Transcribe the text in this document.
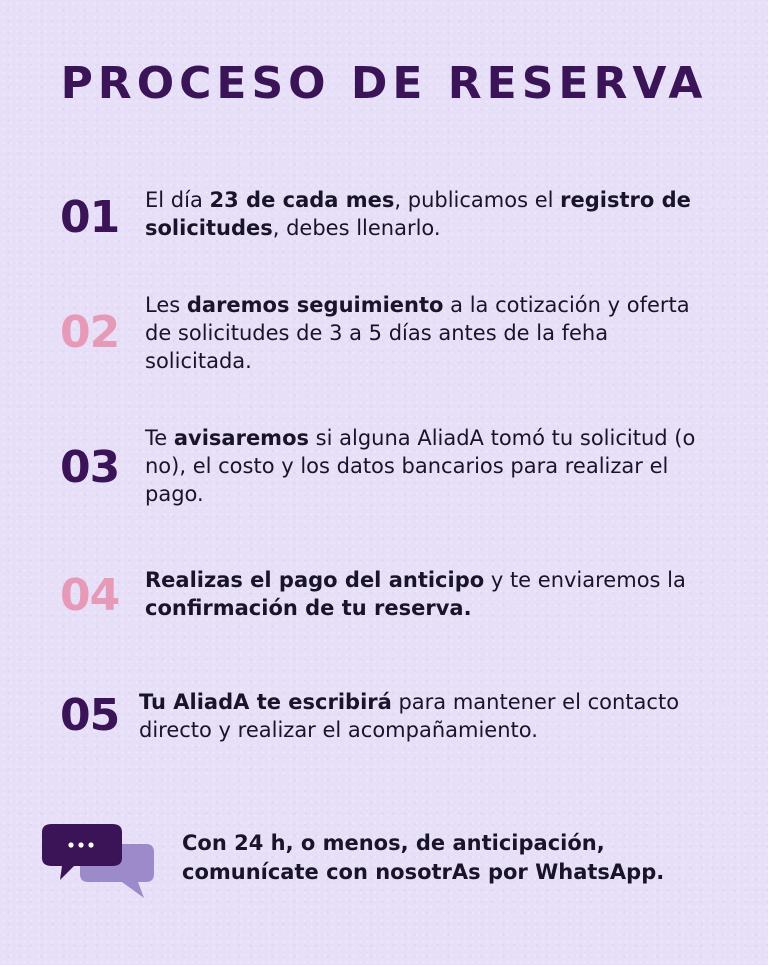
PROCESO DE RESERVA
01 El día 23 de cada mes, publicamos el registro de solicitudes, debes llenarlo.
02
Les daremos seguimiento a la cotización y oferta de solicitudes de 3 a 5 días antes de la feha solicitada.
03
Te avisaremos si alguna AliadA tomó tu solicitud (o no), el costo y los datos bancarios para realizar el pago.
04 Realizas el pago del anticipo y te enviaremos la confirmación de tu reserva.
05 Tu AliadA te escribirá para mantener el contacto directo y realizar el acompañamiento.
Con 24 h, o menos, de anticipación,
comunícate con nosotrAs por WhatsApp.
